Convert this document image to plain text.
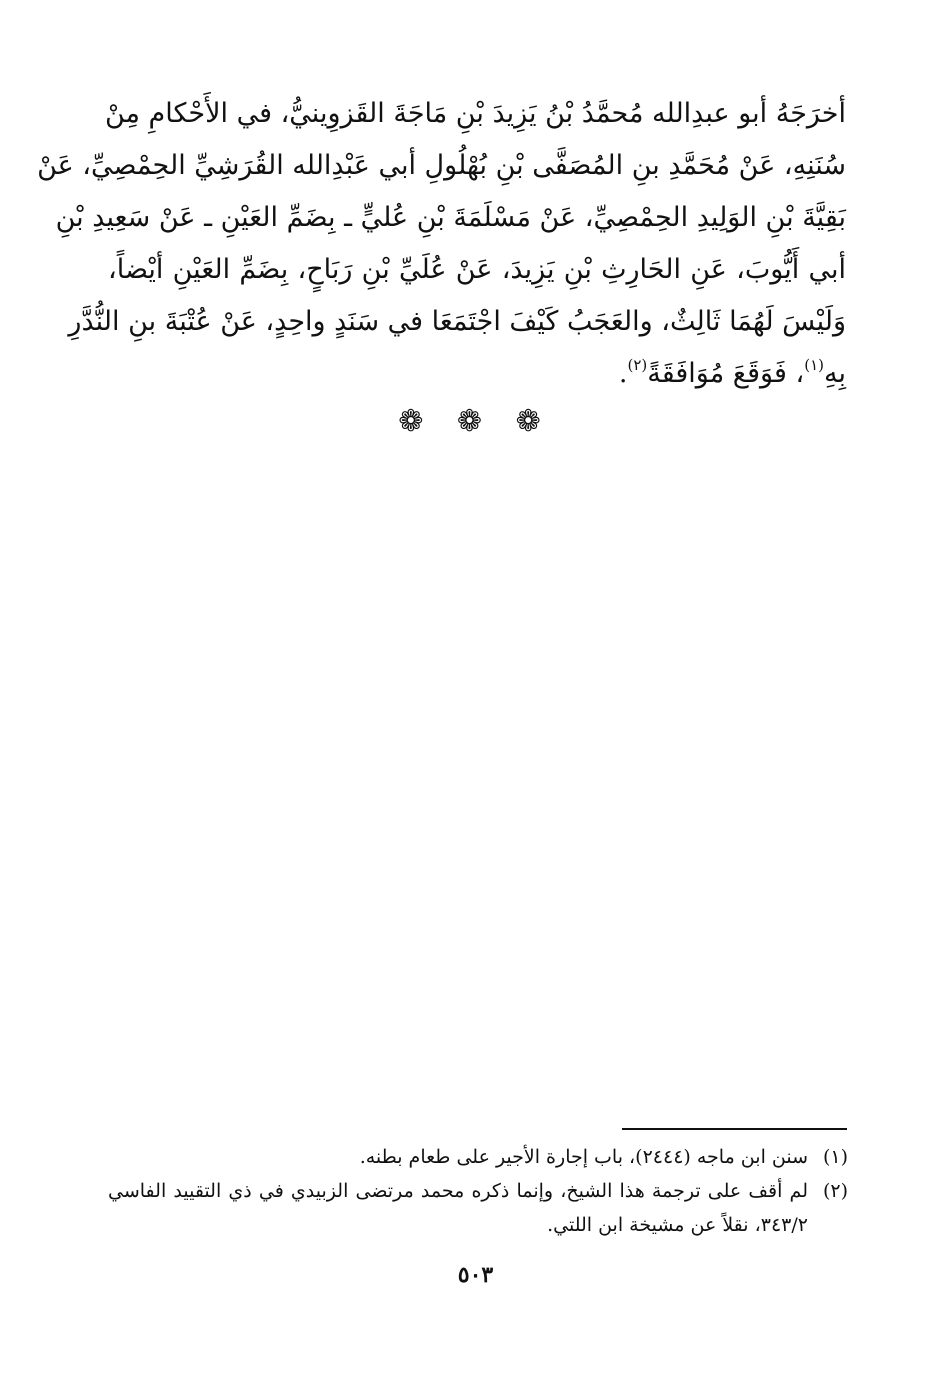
أخرَجَهُ أبو عبدِالله مُحمَّدُ بْنُ يَزِيدَ بْنِ مَاجَةَ القَزوِينيُّ، في الأَحْكامِ مِنْ
سُنَنِهِ، عَنْ مُحَمَّدِ بنِ المُصَفَّى بْنِ بُهْلُولِ أبي عَبْدِالله القُرَشِيِّ الحِمْصِيِّ، عَنْ
بَقِيَّةَ بْنِ الوَلِيدِ الحِمْصِيِّ، عَنْ مَسْلَمَةَ بْنِ عُليٍّ ـ بِضَمِّ العَيْنِ ـ عَنْ سَعِيدِ بْنِ
أبي أَيُّوبَ، عَنِ الحَارِثِ بْنِ يَزِيدَ، عَنْ عُلَيِّ بْنِ رَبَاحٍ، بِضَمِّ العَيْنِ أيْضاً،
وَلَيْسَ لَهُمَا ثَالِثٌ، والعَجَبُ كَيْفَ اجْتَمَعَا في سَنَدٍ واحِدٍ، عَنْ عُتْبَةَ بنِ النُّدَّرِ
بِهِ$^{(١)}$، فَوَقَعَ مُوَافَقَةً$^{(٢)}$.
❁ ❁ ❁
(١)
سنن ابن ماجه (٢٤٤٤)، باب إجارة الأجير على طعام بطنه.
(٢)
لم أقف على ترجمة هذا الشيخ، وإنما ذكره محمد مرتضى الزبيدي في ذي التقييد الفاسي ٣٤٣/٢، نقلاً عن مشيخة ابن اللتي.
٥٠٣
